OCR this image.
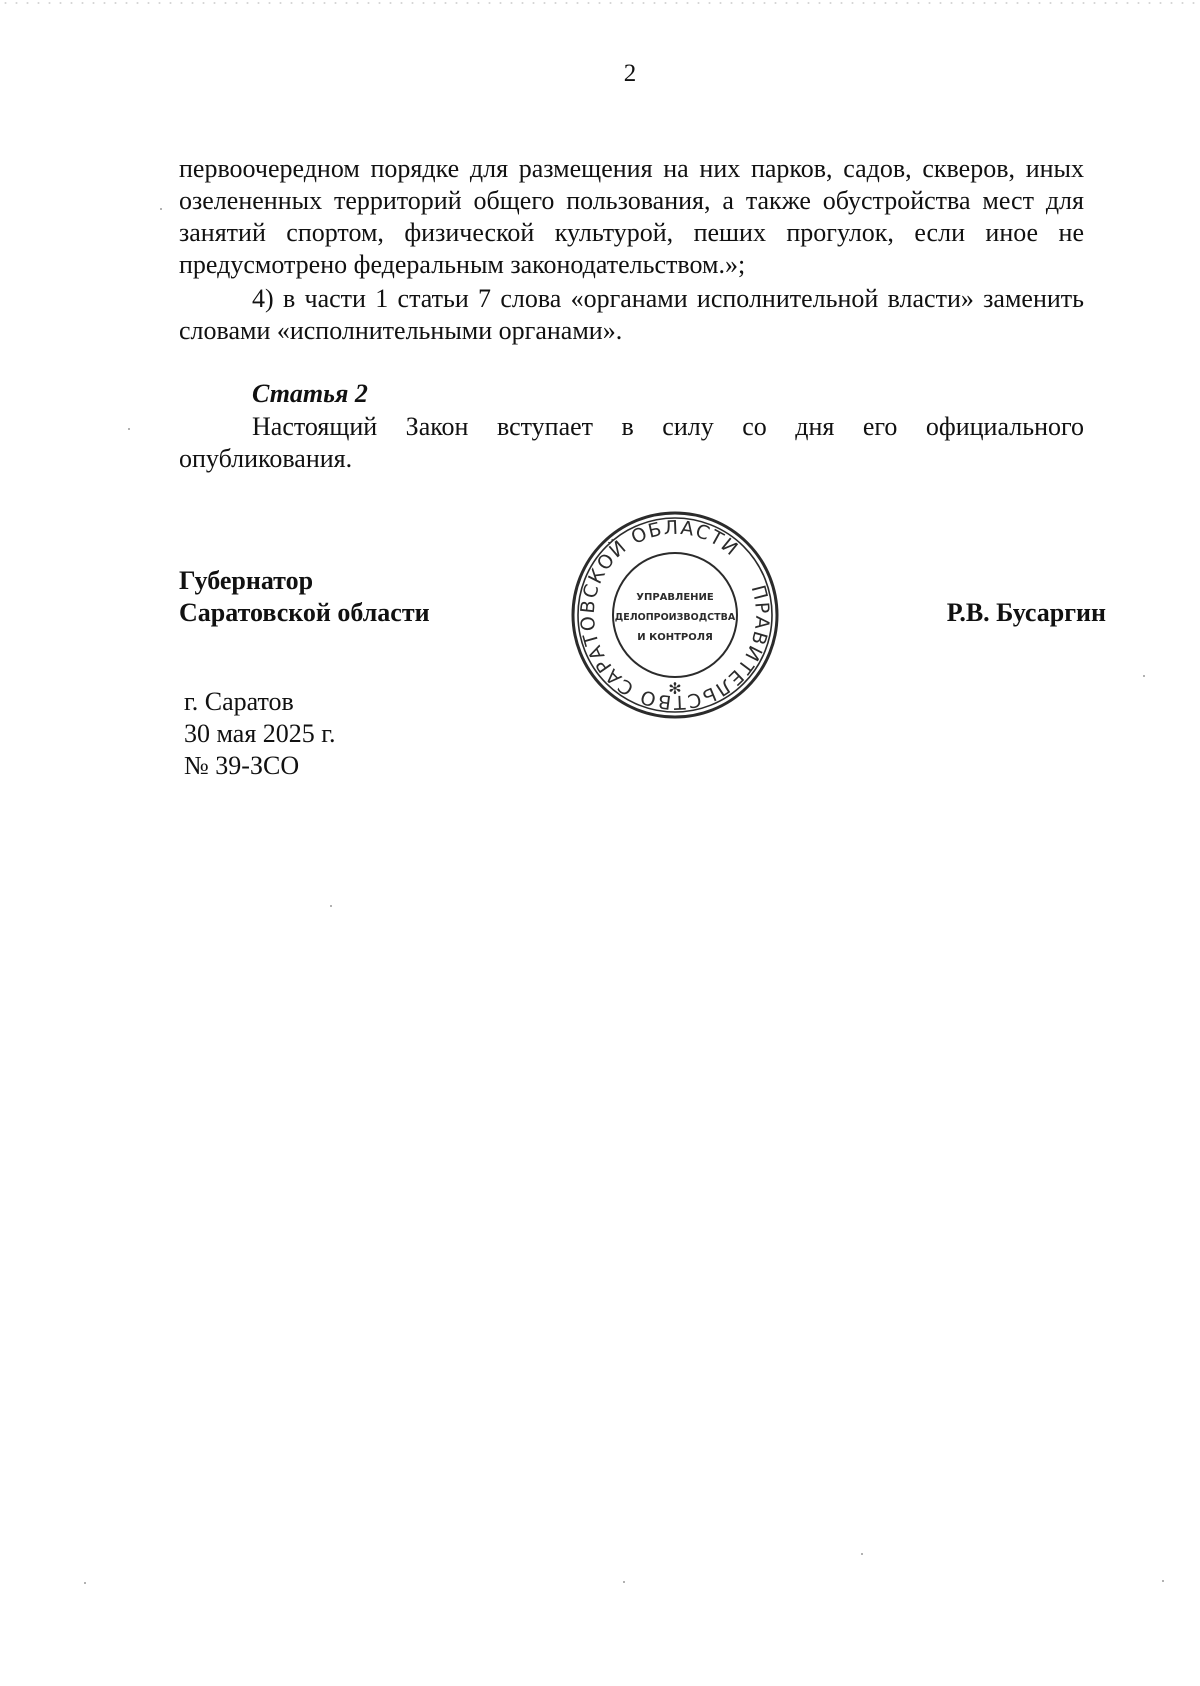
2
первоочередном порядке для размещения на них парков, садов, скверов, иных озелененных территорий общего пользования, а также обустройства мест для занятий спортом, физической культурой, пеших прогулок, если иное не предусмотрено федеральным законодательством.»;
4) в части 1 статьи 7 слова «органами исполнительной власти» заменить словами «исполнительными органами».
Статья 2
Настоящий Закон вступает в силу со дня его официального опубликования.
Губернатор
Саратовской области	Р.В. Бусаргин
ПРАВИТЕЛЬСТВО САРАТОВСКОЙ ОБЛАСТИ
✻
УПРАВЛЕНИЕ
ДЕЛОПРОИЗВОДСТВА
И КОНТРОЛЯ
г. Саратов
30 мая 2025 г.
№ 39-ЗСО
